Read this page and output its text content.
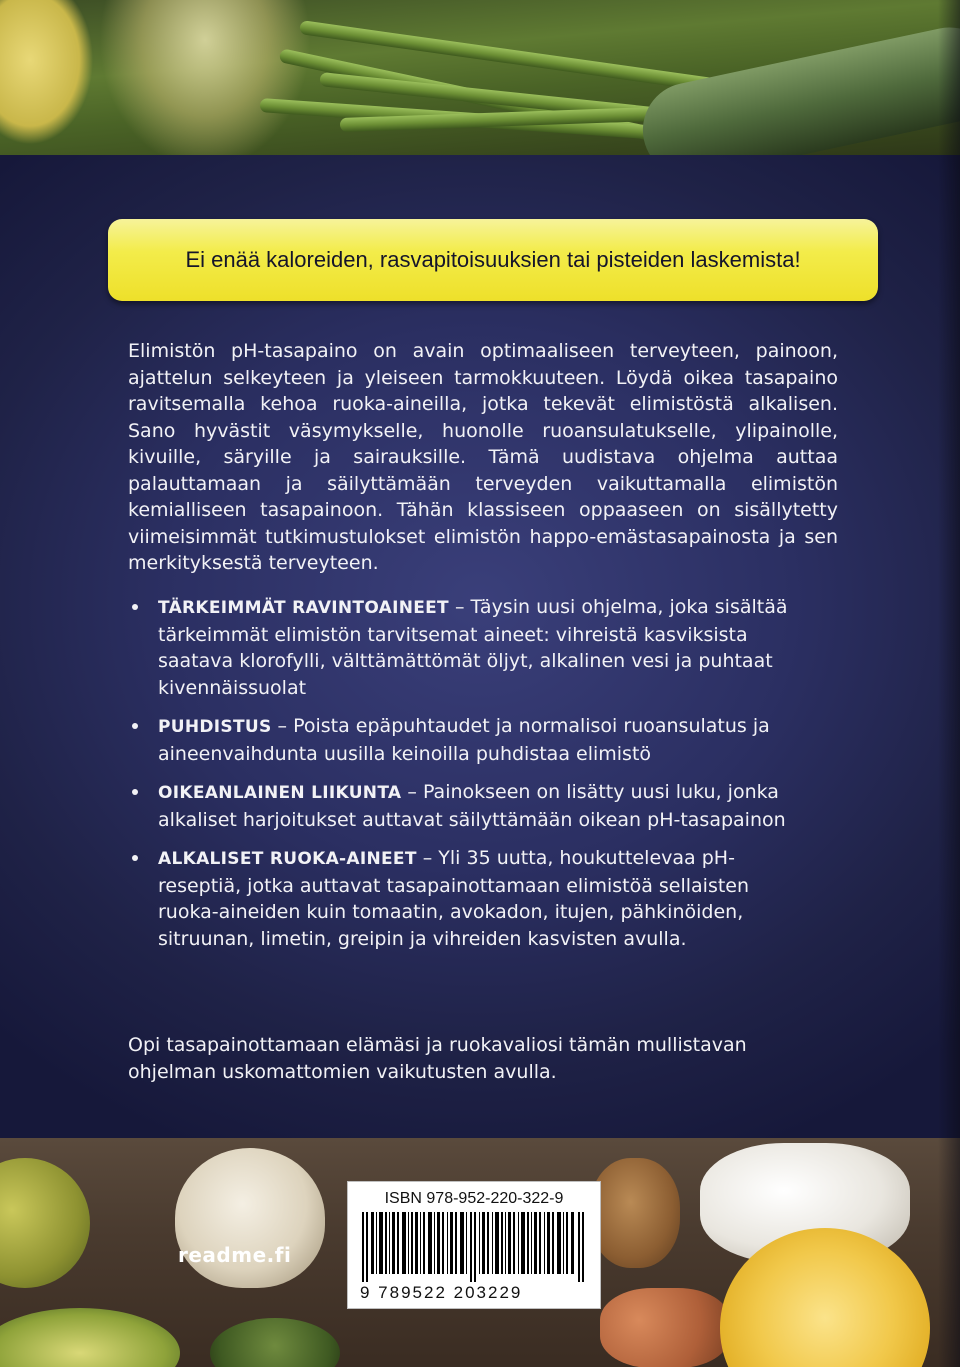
Ei enää kaloreiden, rasvapitoisuuksien tai pisteiden laskemista!
Elimistön pH-tasapaino on avain optimaaliseen terveyteen, painoon, ajattelun selkeyteen ja yleiseen tarmokkuuteen. Löydä oikea tasapaino ravitsemalla kehoa ruoka-aineilla, jotka tekevät elimistöstä alkalisen. Sano hyvästit väsymykselle, huonolle ruoansulatukselle, ylipainolle, kivuille, säryille ja sairauksille. Tämä uudistava ohjelma auttaa palauttamaan ja säilyttämään terveyden vaikuttamalla elimistön kemialliseen tasapainoon. Tähän klassiseen oppaaseen on sisällytetty viimeisimmät tutkimustulokset elimistön happo-emästasapainosta ja sen merkityksestä terveyteen.
TÄRKEIMMÄT RAVINTOAINEET – Täysin uusi ohjelma, joka sisältää tärkeimmät elimistön tarvitsemat aineet: vihreistä kasviksista saatava klorofylli, välttämättömät öljyt, alkalinen vesi ja puhtaat kivennäissuolat
PUHDISTUS – Poista epäpuhtaudet ja normalisoi ruoansulatus ja aineenvaihdunta uusilla keinoilla puhdistaa elimistö
OIKEANLAINEN LIIKUNTA – Painokseen on lisätty uusi luku, jonka alkaliset harjoitukset auttavat säilyttämään oikean pH-tasapainon
ALKALISET RUOKA-AINEET – Yli 35 uutta, houkuttelevaa pH-reseptiä, jotka auttavat tasapainottamaan elimistöä sellaisten ruoka-aineiden kuin tomaatin, avokadon, itujen, pähkinöiden, sitruunan, limetin, greipin ja vihreiden kasvisten avulla.
Opi tasapainottamaan elämäsi ja ruokavaliosi tämän mullistavan ohjelman uskomattomien vaikutusten avulla.
readme.fi
ISBN 978-952-220-322-9
9 789522 203229
